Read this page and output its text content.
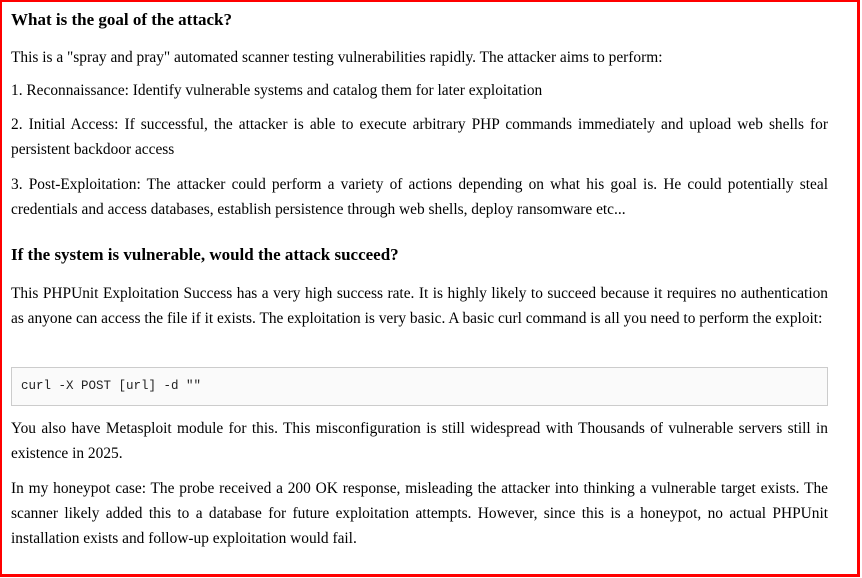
What is the goal of the attack?

This is a "spray and pray" automated scanner testing vulnerabilities rapidly. The attacker aims to perform:

1. Reconnaissance: Identify vulnerable systems and catalog them for later exploitation

2. Initial Access: If successful, the attacker is able to execute arbitrary PHP commands immediately and upload web shells for persistent backdoor access

3. Post-Exploitation: The attacker could perform a variety of actions depending on what his goal is. He could potentially steal credentials and access databases, establish persistence through web shells, deploy ransomware etc...

If the system is vulnerable, would the attack succeed?

This PHPUnit Exploitation Success has a very high success rate. It is highly likely to succeed because it requires no authentication as anyone can access the file if it exists. The exploitation is very basic. A basic curl command is all you need to perform the exploit:

curl -X POST [url] -d ""

You also have Metasploit module for this. This misconfiguration is still widespread with Thousands of vulnerable servers still in existence in 2025.

In my honeypot case: The probe received a 200 OK response, misleading the attacker into thinking a vulnerable target exists. The scanner likely added this to a database for future exploitation attempts. However, since this is a honeypot, no actual PHPUnit installation exists and follow-up exploitation would fail.
